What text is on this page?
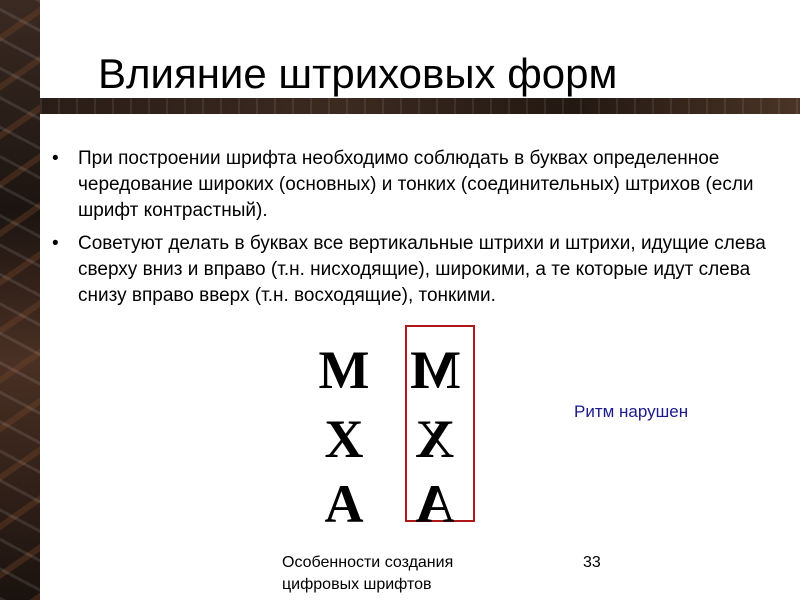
Влияние штриховых форм
• При построении шрифта необходимо соблюдать в буквах определенное чередование широких (основных) и тонких (соединительных) штрихов (если шрифт контрастный).
• Советуют делать в буквах все вертикальные штрихи и штрихи, идущие слева сверху вниз и вправо (т.н. нисходящие), широкими, а те которые идут слева снизу вправо вверх (т.н. восходящие), тонкими.
М
Х
А
М
Х
А
Ритм нарушен
Особенности создания цифровых шрифтов
33
